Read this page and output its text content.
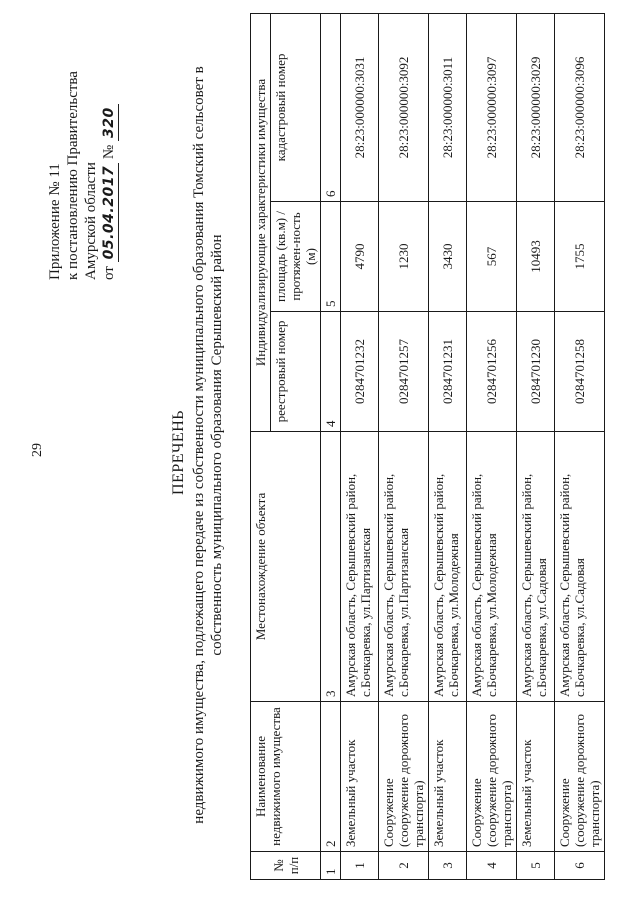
29
Приложение № 11 к постановлению Правительства Амурской области от 05.04.2017 № 320
ПЕРЕЧЕНЬ недвижимого имущества, подлежащего передаче из собственности муниципального образования Томский сельсовет в собственность муниципального образования Серышевский район
№ п/п	Наименование недвижимого имущества	Местонахождение объекта	Индивидуализирующие характеристики имущества		
			реестровый номер	площадь (кв.м) / протяжен-ность (м)	кадастровый номер
1	2	3	4	5	6
1	Земельный участок	Амурская область, Серышевский район, с.Бочкаревка, ул.Партизанская	0284701232	4790	28:23:000000:3031
2	Сооружение (сооружение дорожного транспорта)	Амурская область, Серышевский район, с.Бочкаревка, ул.Партизанская	0284701257	1230	28:23:000000:3092
3	Земельный участок	Амурская область, Серышевский район, с.Бочкаревка, ул.Молодежная	0284701231	3430	28:23:000000:3011
4	Сооружение (сооружение дорожного транспорта)	Амурская область, Серышевский район, с.Бочкаревка, ул.Молодежная	0284701256	567	28:23:000000:3097
5	Земельный участок	Амурская область, Серышевский район, с.Бочкаревка, ул.Садовая	0284701230	10493	28:23:000000:3029
6	Сооружение (сооружение дорожного транспорта)	Амурская область, Серышевский район, с.Бочкаревка, ул.Садовая	0284701258	1755	28:23:000000:3096
